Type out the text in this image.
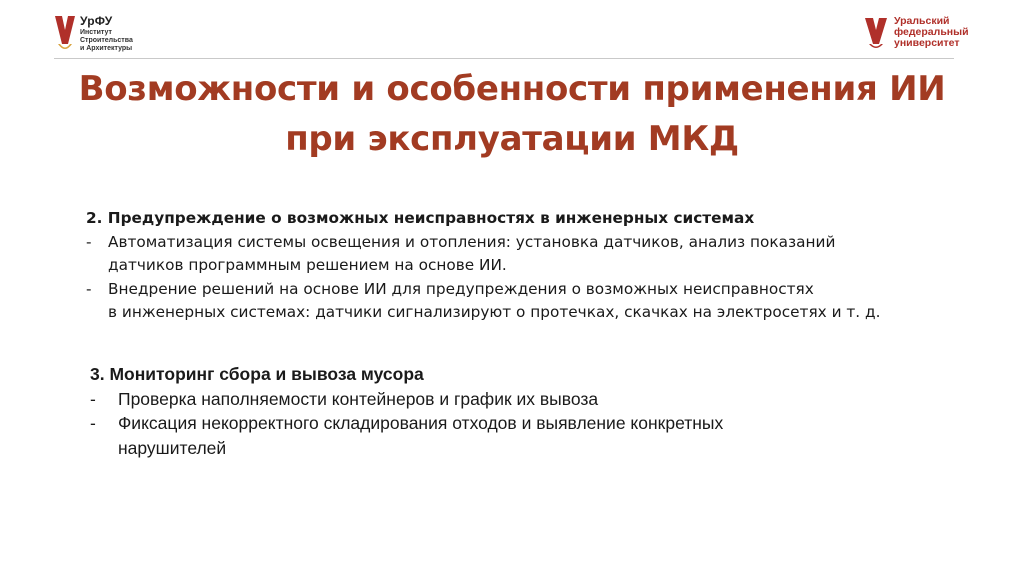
УрФУ
Институт
Строительства
и Архитектуры
Уральский
федеральный
университет
Возможности и особенности применения ИИ
при эксплуатации МКД
2. Предупреждение о возможных неисправностях в инженерных системах
- Автоматизация системы освещения и отопления: установка датчиков, анализ показаний
датчиков программным решением на основе ИИ.
- Внедрение решений на основе ИИ для предупреждения о возможных неисправностях
в инженерных системах: датчики сигнализируют о протечках, скачках на электросетях и т. д.
3. Мониторинг сбора и вывоза мусора
- Проверка наполняемости контейнеров и график их вывоза
- Фиксация некорректного складирования отходов и выявление конкретных
нарушителей
